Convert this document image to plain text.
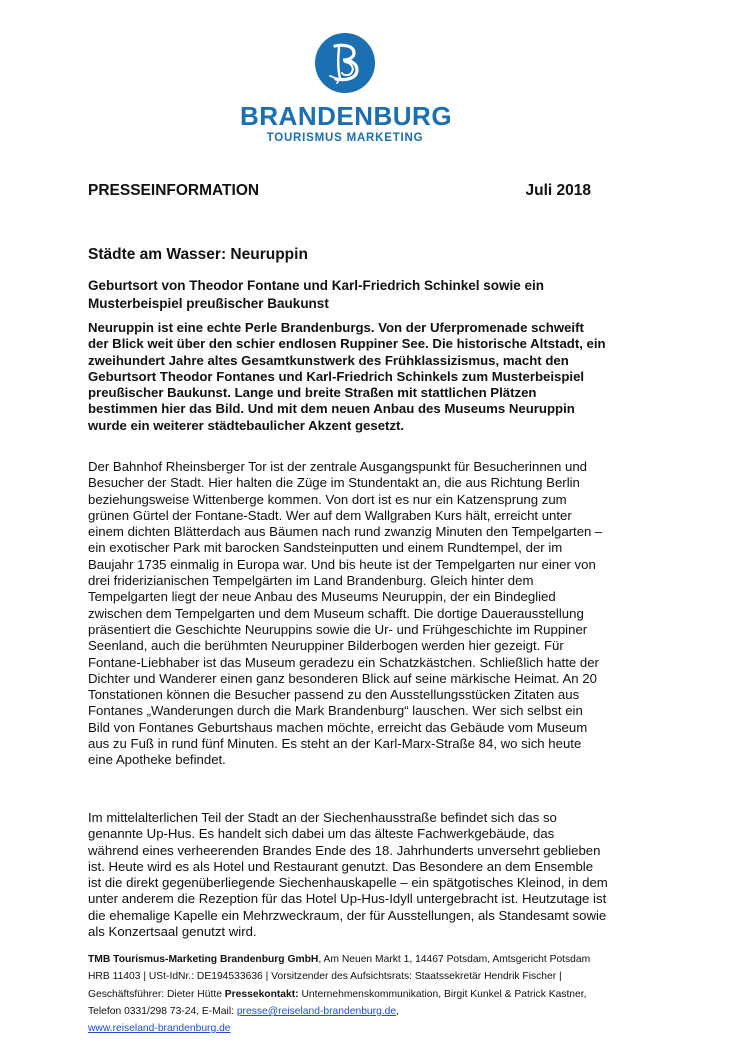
BRANDENBURG
TOURISMUS MARKETING
PRESSEINFORMATION	Juli 2018
Städte am Wasser: Neuruppin
Geburtsort von Theodor Fontane und Karl-Friedrich Schinkel sowie ein Musterbeispiel preußischer Baukunst
Neuruppin ist eine echte Perle Brandenburgs. Von der Uferpromenade schweift der Blick weit über den schier endlosen Ruppiner See. Die historische Altstadt, ein zweihundert Jahre altes Gesamtkunstwerk des Frühklassizismus, macht den Geburtsort Theodor Fontanes und Karl-Friedrich Schinkels zum Musterbeispiel preußischer Baukunst. Lange und breite Straßen mit stattlichen Plätzen bestimmen hier das Bild. Und mit dem neuen Anbau des Museums Neuruppin wurde ein weiterer städtebaulicher Akzent gesetzt.
Der Bahnhof Rheinsberger Tor ist der zentrale Ausgangspunkt für Besucherinnen und Besucher der Stadt. Hier halten die Züge im Stundentakt an, die aus Richtung Berlin beziehungsweise Wittenberge kommen. Von dort ist es nur ein Katzensprung zum grünen Gürtel der Fontane-Stadt. Wer auf dem Wallgraben Kurs hält, erreicht unter einem dichten Blätterdach aus Bäumen nach rund zwanzig Minuten den Tempelgarten – ein exotischer Park mit barocken Sandsteinputten und einem Rundtempel, der im Baujahr 1735 einmalig in Europa war. Und bis heute ist der Tempelgarten nur einer von drei friderizianischen Tempelgärten im Land Brandenburg. Gleich hinter dem Tempelgarten liegt der neue Anbau des Museums Neuruppin, der ein Bindeglied zwischen dem Tempelgarten und dem Museum schafft. Die dortige Dauerausstellung präsentiert die Geschichte Neuruppins sowie die Ur- und Frühgeschichte im Ruppiner Seenland, auch die berühmten Neuruppiner Bilderbogen werden hier gezeigt. Für Fontane-Liebhaber ist das Museum geradezu ein Schatzkästchen. Schließlich hatte der Dichter und Wanderer einen ganz besonderen Blick auf seine märkische Heimat. An 20 Tonstationen können die Besucher passend zu den Ausstellungsstücken Zitaten aus Fontanes „Wanderungen durch die Mark Brandenburg“ lauschen. Wer sich selbst ein Bild von Fontanes Geburtshaus machen möchte, erreicht das Gebäude vom Museum aus zu Fuß in rund fünf Minuten. Es steht an der Karl-Marx-Straße 84, wo sich heute eine Apotheke befindet.
Im mittelalterlichen Teil der Stadt an der Siechenhausstraße befindet sich das so genannte Up-Hus. Es handelt sich dabei um das älteste Fachwerkgebäude, das während eines verheerenden Brandes Ende des 18. Jahrhunderts unversehrt geblieben ist. Heute wird es als Hotel und Restaurant genutzt. Das Besondere an dem Ensemble ist die direkt gegenüberliegende Siechenhauskapelle – ein spätgotisches Kleinod, in dem unter anderem die Rezeption für das Hotel Up-Hus-Idyll untergebracht ist. Heutzutage ist die ehemalige Kapelle ein Mehrzweckraum, der für Ausstellungen, als Standesamt sowie als Konzertsaal genutzt wird.
TMB Tourismus-Marketing Brandenburg GmbH, Am Neuen Markt 1, 14467 Potsdam, Amtsgericht Potsdam HRB 11403 | USt-IdNr.: DE194533636 | Vorsitzender des Aufsichtsrats: Staatssekretär Hendrik Fischer | Geschäftsführer: Dieter Hütte Pressekontakt: Unternehmenskommunikation, Birgit Kunkel & Patrick Kastner, Telefon 0331/298 73-24, E-Mail: presse@reiseland-brandenburg.de,
www.reiseland-brandenburg.de
